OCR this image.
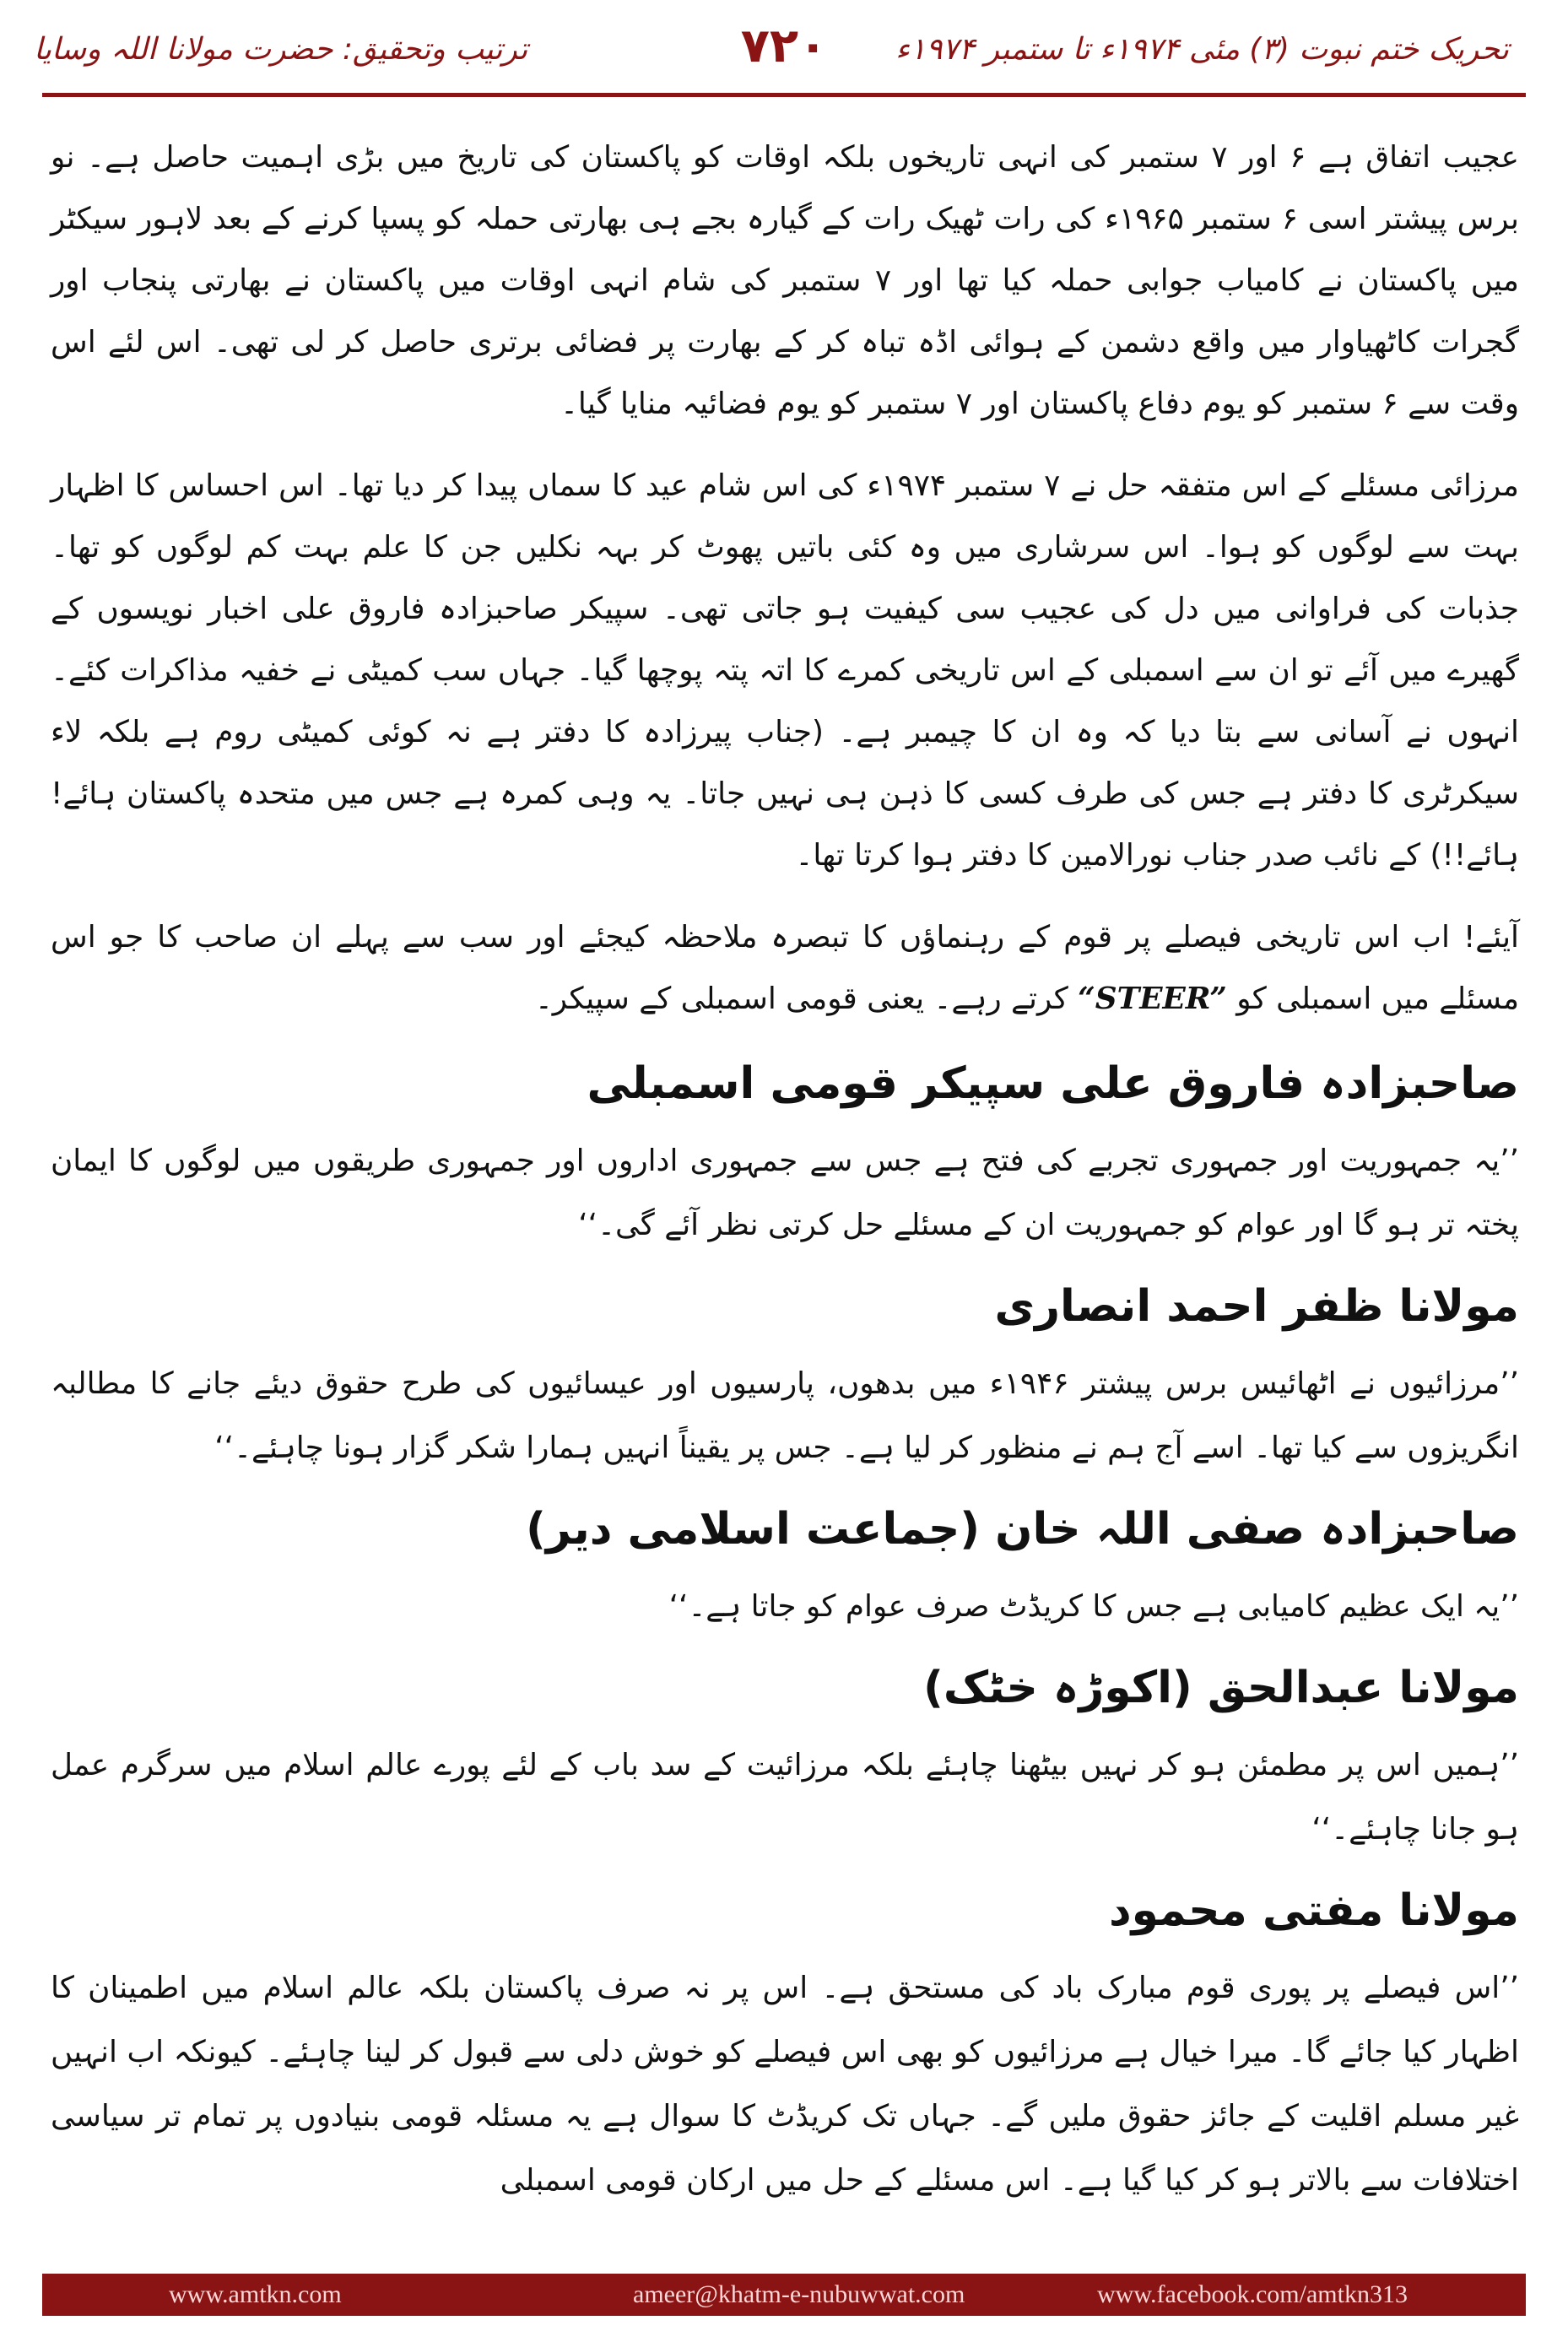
تحریک ختم نبوت (۳) مئی ۱۹۷۴ء تا ستمبر ۱۹۷۴ء
۷۲۰
ترتیب وتحقیق: حضرت مولانا اللہ وسایا

عجیب اتفاق ہے ۶ اور ۷ ستمبر کی انہی تاریخوں بلکہ اوقات کو پاکستان کی تاریخ میں بڑی اہمیت حاصل ہے۔ نو برس پیشتر اسی ۶ ستمبر ۱۹۶۵ء کی رات ٹھیک رات کے گیارہ بجے ہی بھارتی حملہ کو پسپا کرنے کے بعد لاہور سیکٹر میں پاکستان نے کامیاب جوابی حملہ کیا تھا اور ۷ ستمبر کی شام انہی اوقات میں پاکستان نے بھارتی پنجاب اور گجرات کاٹھیاوار میں واقع دشمن کے ہوائی اڈہ تباہ کر کے بھارت پر فضائی برتری حاصل کر لی تھی۔ اس لئے اس وقت سے ۶ ستمبر کو یوم دفاع پاکستان اور ۷ ستمبر کو یوم فضائیہ منایا گیا۔

مرزائی مسئلے کے اس متفقہ حل نے ۷ ستمبر ۱۹۷۴ء کی اس شام عید کا سماں پیدا کر دیا تھا۔ اس احساس کا اظہار بہت سے لوگوں کو ہوا۔ اس سرشاری میں وہ کئی باتیں پھوٹ کر بہہ نکلیں جن کا علم بہت کم لوگوں کو تھا۔ جذبات کی فراوانی میں دل کی عجیب سی کیفیت ہو جاتی تھی۔ سپیکر صاحبزادہ فاروق علی اخبار نویسوں کے گھیرے میں آئے تو ان سے اسمبلی کے اس تاریخی کمرے کا اتہ پتہ پوچھا گیا۔ جہاں سب کمیٹی نے خفیہ مذاکرات کئے۔ انہوں نے آسانی سے بتا دیا کہ وہ ان کا چیمبر ہے۔ (جناب پیرزادہ کا دفتر ہے نہ کوئی کمیٹی روم ہے بلکہ لاء سیکرٹری کا دفتر ہے جس کی طرف کسی کا ذہن ہی نہیں جاتا۔ یہ وہی کمرہ ہے جس میں متحدہ پاکستان ہائے! ہائے!!) کے نائب صدر جناب نورالامین کا دفتر ہوا کرتا تھا۔

آیئے! اب اس تاریخی فیصلے پر قوم کے رہنماؤں کا تبصرہ ملاحظہ کیجئے اور سب سے پہلے ان صاحب کا جو اس مسئلے میں اسمبلی کو “STEER” کرتے رہے۔ یعنی قومی اسمبلی کے سپیکر۔

صاحبزادہ فاروق علی سپیکر قومی اسمبلی

’’یہ جمہوریت اور جمہوری تجربے کی فتح ہے جس سے جمہوری اداروں اور جمہوری طریقوں میں لوگوں کا ایمان پختہ تر ہو گا اور عوام کو جمہوریت ان کے مسئلے حل کرتی نظر آئے گی۔‘‘

مولانا ظفر احمد انصاری

’’مرزائیوں نے اٹھائیس برس پیشتر ۱۹۴۶ء میں بدھوں، پارسیوں اور عیسائیوں کی طرح حقوق دیئے جانے کا مطالبہ انگریزوں سے کیا تھا۔ اسے آج ہم نے منظور کر لیا ہے۔ جس پر یقیناً انہیں ہمارا شکر گزار ہونا چاہئے۔‘‘

صاحبزادہ صفی اللہ خان (جماعت اسلامی دیر)

’’یہ ایک عظیم کامیابی ہے جس کا کریڈٹ صرف عوام کو جاتا ہے۔‘‘

مولانا عبدالحق (اکوڑہ خٹک)

’’ہمیں اس پر مطمئن ہو کر نہیں بیٹھنا چاہئے بلکہ مرزائیت کے سد باب کے لئے پورے عالم اسلام میں سرگرم عمل ہو جانا چاہئے۔‘‘

مولانا مفتی محمود

’’اس فیصلے پر پوری قوم مبارک باد کی مستحق ہے۔ اس پر نہ صرف پاکستان بلکہ عالم اسلام میں اطمینان کا اظہار کیا جائے گا۔ میرا خیال ہے مرزائیوں کو بھی اس فیصلے کو خوش دلی سے قبول کر لینا چاہئے۔ کیونکہ اب انہیں غیر مسلم اقلیت کے جائز حقوق ملیں گے۔ جہاں تک کریڈٹ کا سوال ہے یہ مسئلہ قومی بنیادوں پر تمام تر سیاسی اختلافات سے بالاتر ہو کر کیا گیا ہے۔ اس مسئلے کے حل میں ارکان قومی اسمبلی

www.amtkn.com	ameer@khatm-e-nubuwwat.com	www.facebook.com/amtkn313
